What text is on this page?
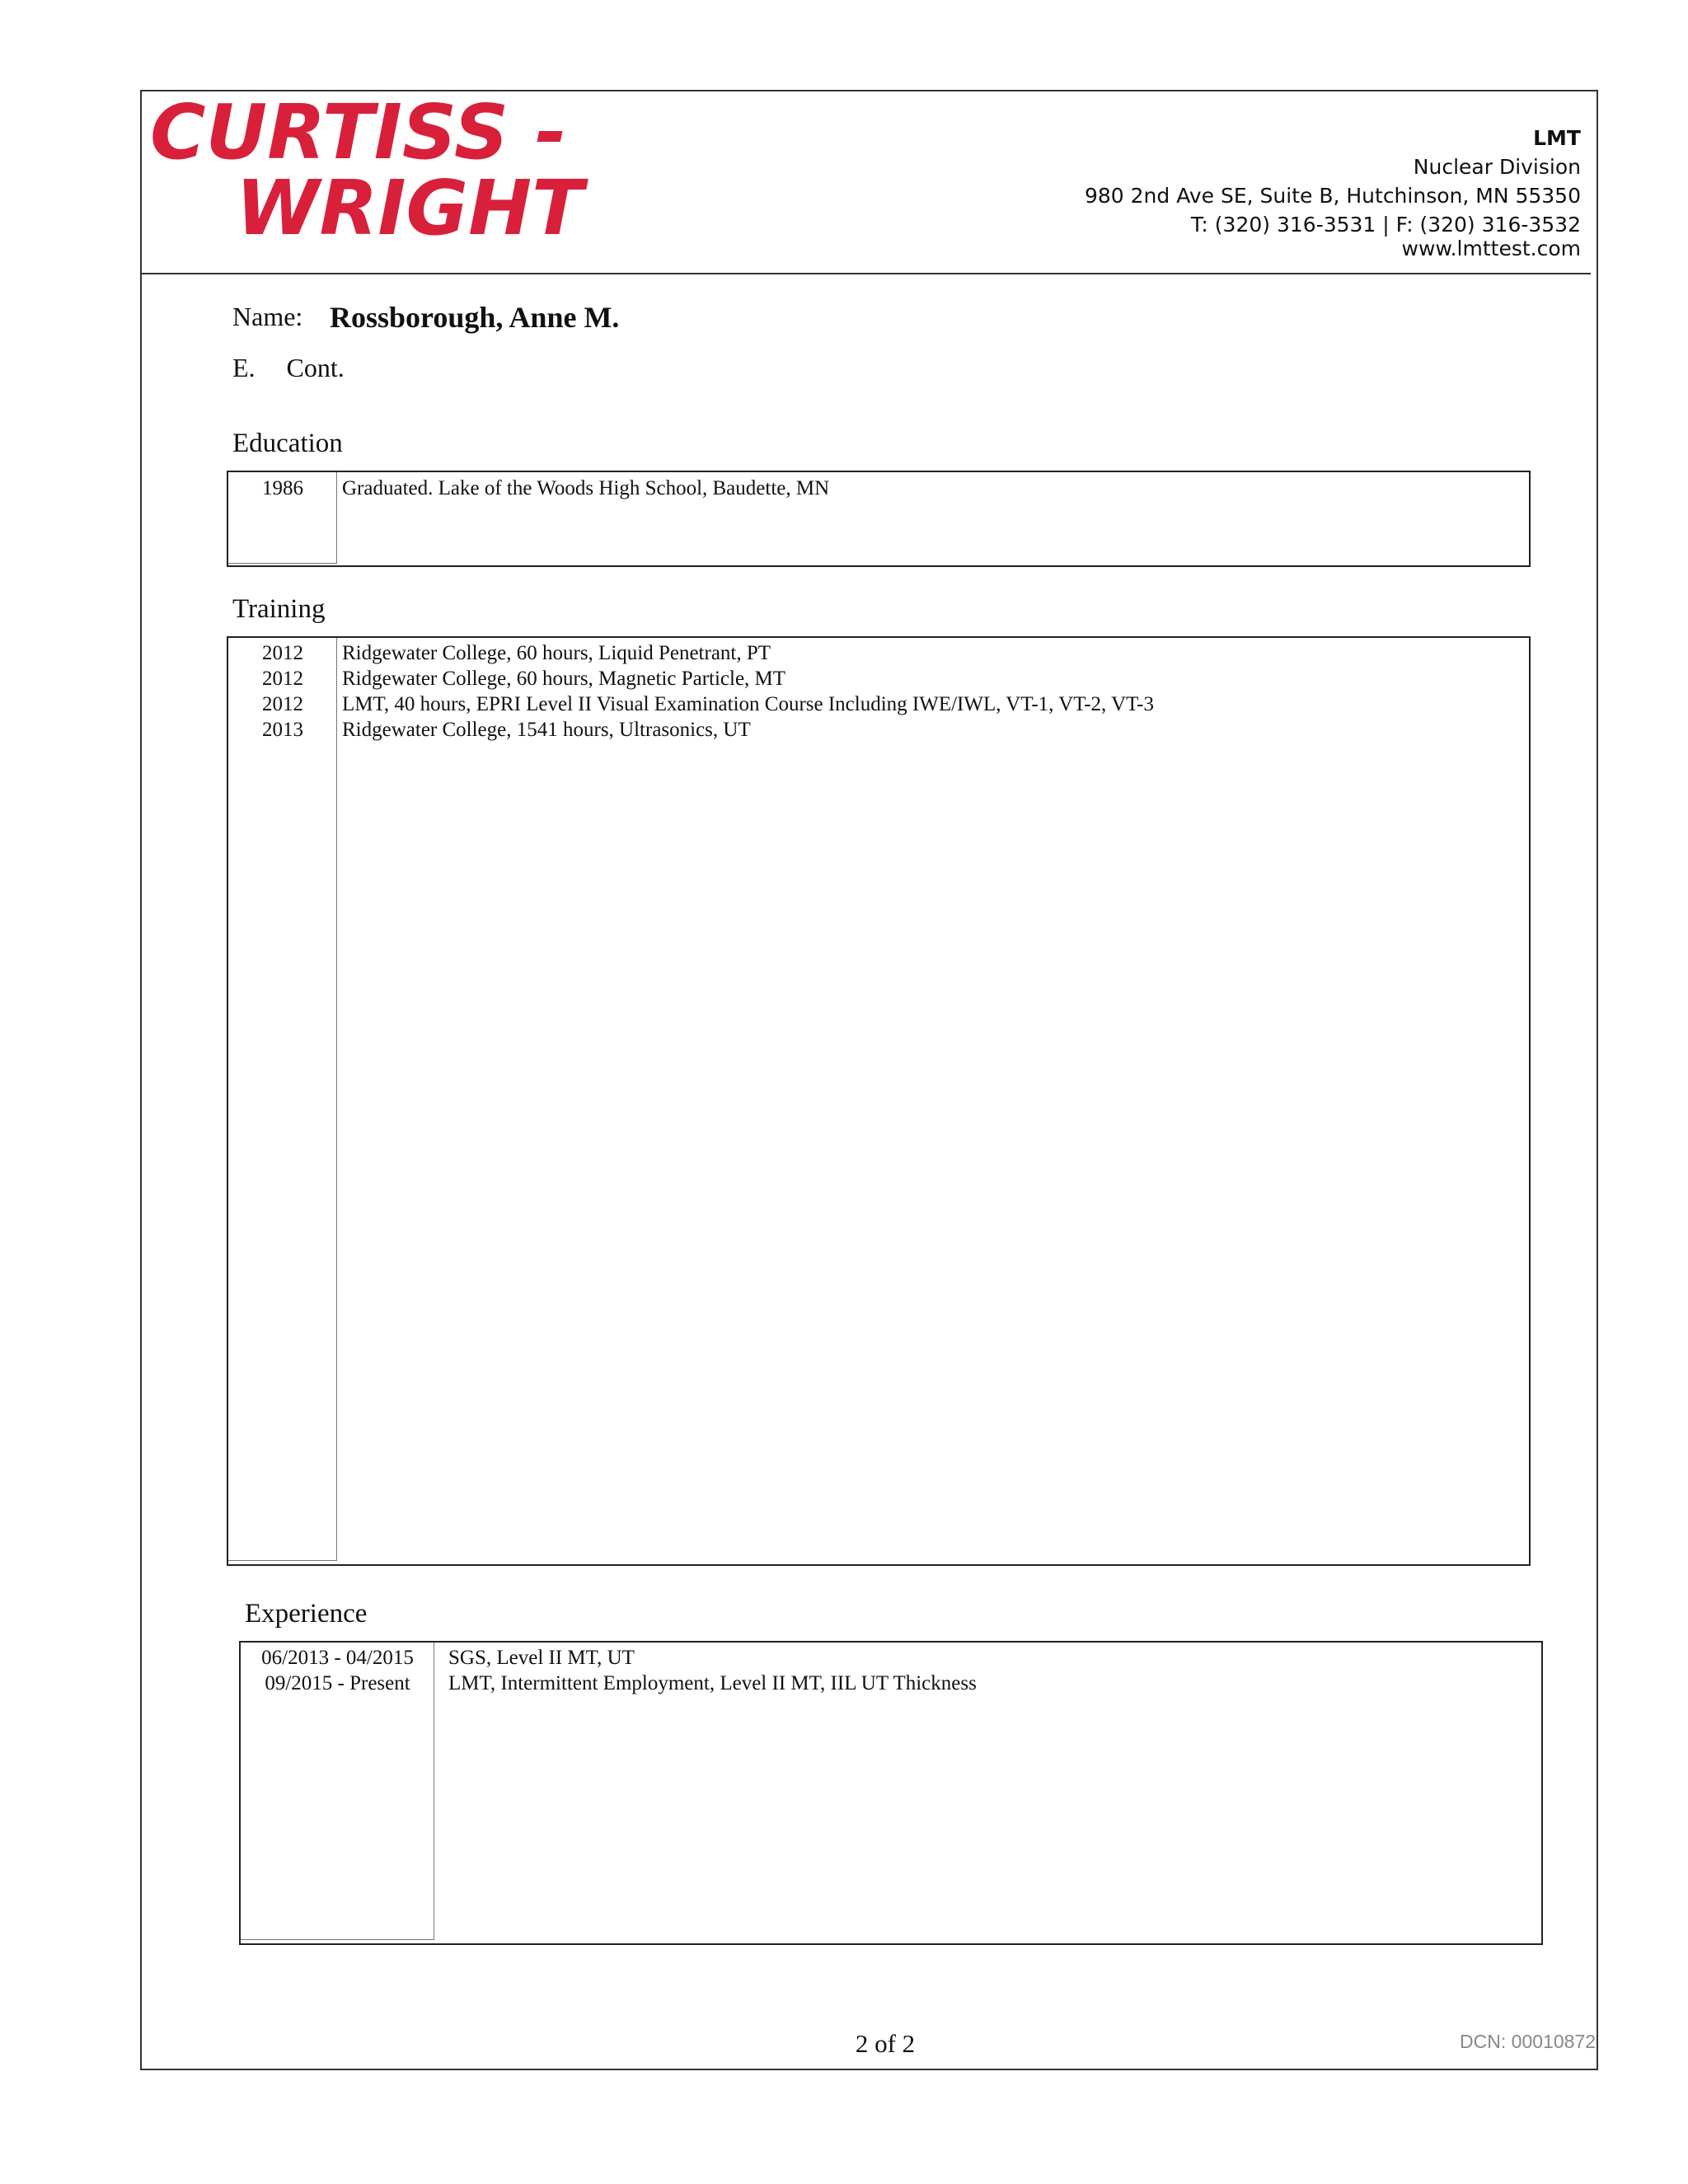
CURTISS -
WRIGHT
LMT
Nuclear Division
980 2nd Ave SE, Suite B, Hutchinson, MN 55350
T: (320) 316-3531 | F: (320) 316-3532
www.lmttest.com
Name: Rossborough, Anne M.
E. Cont.
Education
1986	Graduated. Lake of the Woods High School, Baudette, MN
Training
2012	Ridgewater College, 60 hours, Liquid Penetrant, PT
2012	Ridgewater College, 60 hours, Magnetic Particle, MT
2012	LMT, 40 hours, EPRI Level II Visual Examination Course Including IWE/IWL, VT-1, VT-2, VT-3
2013	Ridgewater College, 1541 hours, Ultrasonics, UT
Experience
06/2013 - 04/2015	SGS, Level II MT, UT
09/2015 - Present	LMT, Intermittent Employment, Level II MT, IIL UT Thickness
2 of 2	DCN: 00010872
